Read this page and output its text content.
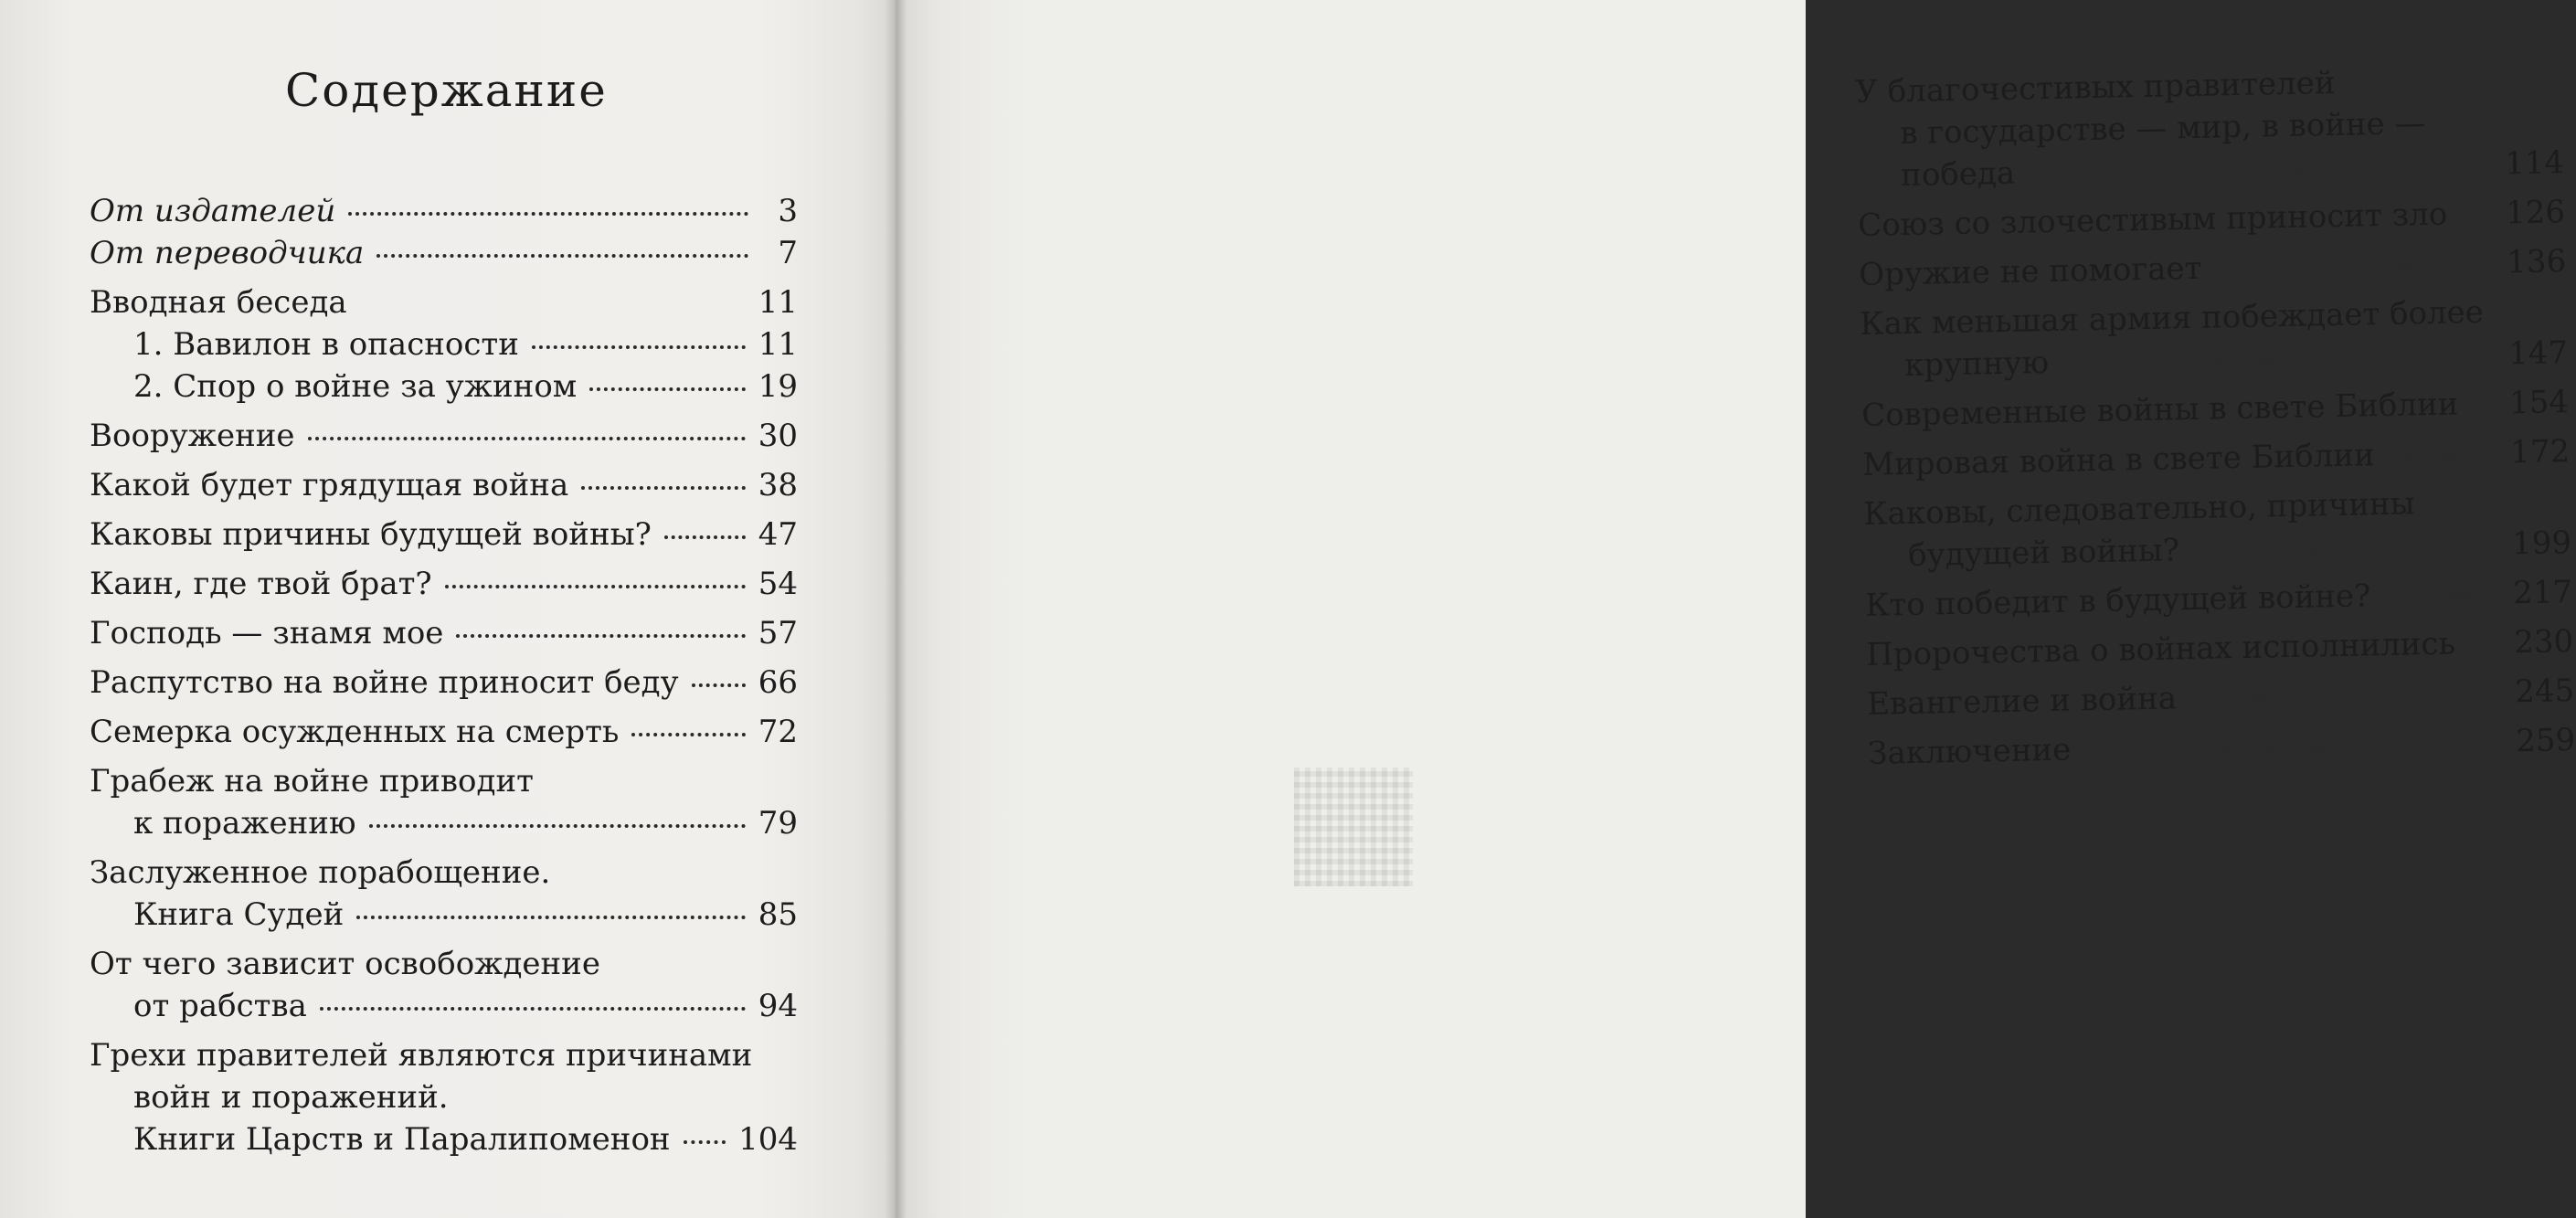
Содержание
От издателей	3
От переводчика	7
Вводная беседа	11
1. Вавилон в опасности	11
2. Спор о войне за ужином	19
Вооружение	30
Какой будет грядущая война	38
Каковы причины будущей войны?	47
Каин, где твой брат?	54
Господь — знамя мое	57
Распутство на войне приносит беду	66
Семерка осужденных на смерть	72
Грабеж на войне приводит
к поражению	79
Заслуженное порабощение.
Книга Судей	85
От чего зависит освобождение
от рабства	94
Грехи правителей являются причинами
войн и поражений.
Книги Царств и Паралипоменон 104
У благочестивых правителей
в государстве — мир, в войне —
победа	114
Союз со злочестивым приносит зло 126
Оружие не помогает	136
Как меньшая армия побеждает более
крупную	147
Современные войны в свете Библии 154
Мировая война в свете Библии	172
Каковы, следовательно, причины
будущей войны?	199
Кто победит в будущей войне?	217
Пророчества о войнах исполнились 230
Евангелие и война	245
Заключение	259
